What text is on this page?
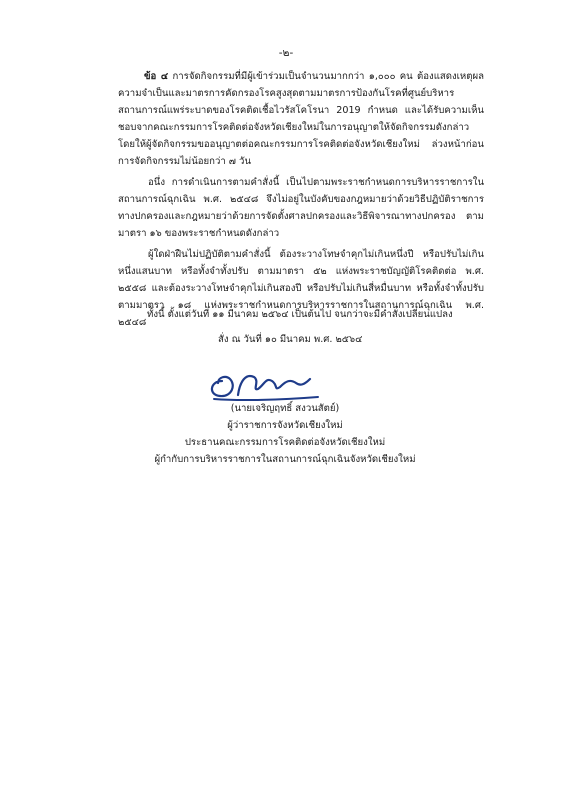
-๒-

ข้อ ๔ การจัดกิจกรรมที่มีผู้เข้าร่วมเป็นจำนวนมากกว่า ๑,๐๐๐ คน ต้องแสดงเหตุผลความจำเป็นและมาตรการคัดกรองโรคสูงสุดตามมาตรการป้องกันโรคที่ศูนย์บริหารสถานการณ์แพร่ระบาดของโรคติดเชื้อไวรัสโคโรนา 2019 กำหนด และได้รับความเห็นชอบจากคณะกรรมการโรคติดต่อจังหวัดเชียงใหม่ในการอนุญาตให้จัดกิจกรรมดังกล่าว โดยให้ผู้จัดกิจกรรมขออนุญาตต่อคณะกรรมการโรคติดต่อจังหวัดเชียงใหม่ ล่วงหน้าก่อนการจัดกิจกรรมไม่น้อยกว่า ๗ วัน

อนึ่ง การดำเนินการตามคำสั่งนี้ เป็นไปตามพระราชกำหนดการบริหารราชการในสถานการณ์ฉุกเฉิน พ.ศ. ๒๕๔๘ จึงไม่อยู่ในบังคับของกฎหมายว่าด้วยวิธีปฏิบัติราชการทางปกครองและกฎหมายว่าด้วยการจัดตั้งศาลปกครองและวิธีพิจารณาทางปกครอง ตามมาตรา ๑๖ ของพระราชกำหนดดังกล่าว

ผู้ใดฝ่าฝืนไม่ปฏิบัติตามคำสั่งนี้ ต้องระวางโทษจำคุกไม่เกินหนึ่งปี หรือปรับไม่เกินหนึ่งแสนบาท หรือทั้งจำทั้งปรับ ตามมาตรา ๕๒ แห่งพระราชบัญญัติโรคติดต่อ พ.ศ. ๒๕๕๘ และต้องระวางโทษจำคุกไม่เกินสองปี หรือปรับไม่เกินสี่หมื่นบาท หรือทั้งจำทั้งปรับ ตามมาตรา ๑๘ แห่งพระราชกำหนดการบริหารราชการในสถานการณ์ฉุกเฉิน พ.ศ. ๒๕๔๘

ทั้งนี้ ตั้งแต่วันที่ ๑๑ มีนาคม ๒๕๖๔ เป็นต้นไป จนกว่าจะมีคำสั่งเปลี่ยนแปลง
สั่ง ณ วันที่ ๑๐ มีนาคม พ.ศ. ๒๕๖๔
(นายเจริญฤทธิ์ สงวนสัตย์)
ผู้ว่าราชการจังหวัดเชียงใหม่
ประธานคณะกรรมการโรคติดต่อจังหวัดเชียงใหม่
ผู้กำกับการบริหารราชการในสถานการณ์ฉุกเฉินจังหวัดเชียงใหม่
